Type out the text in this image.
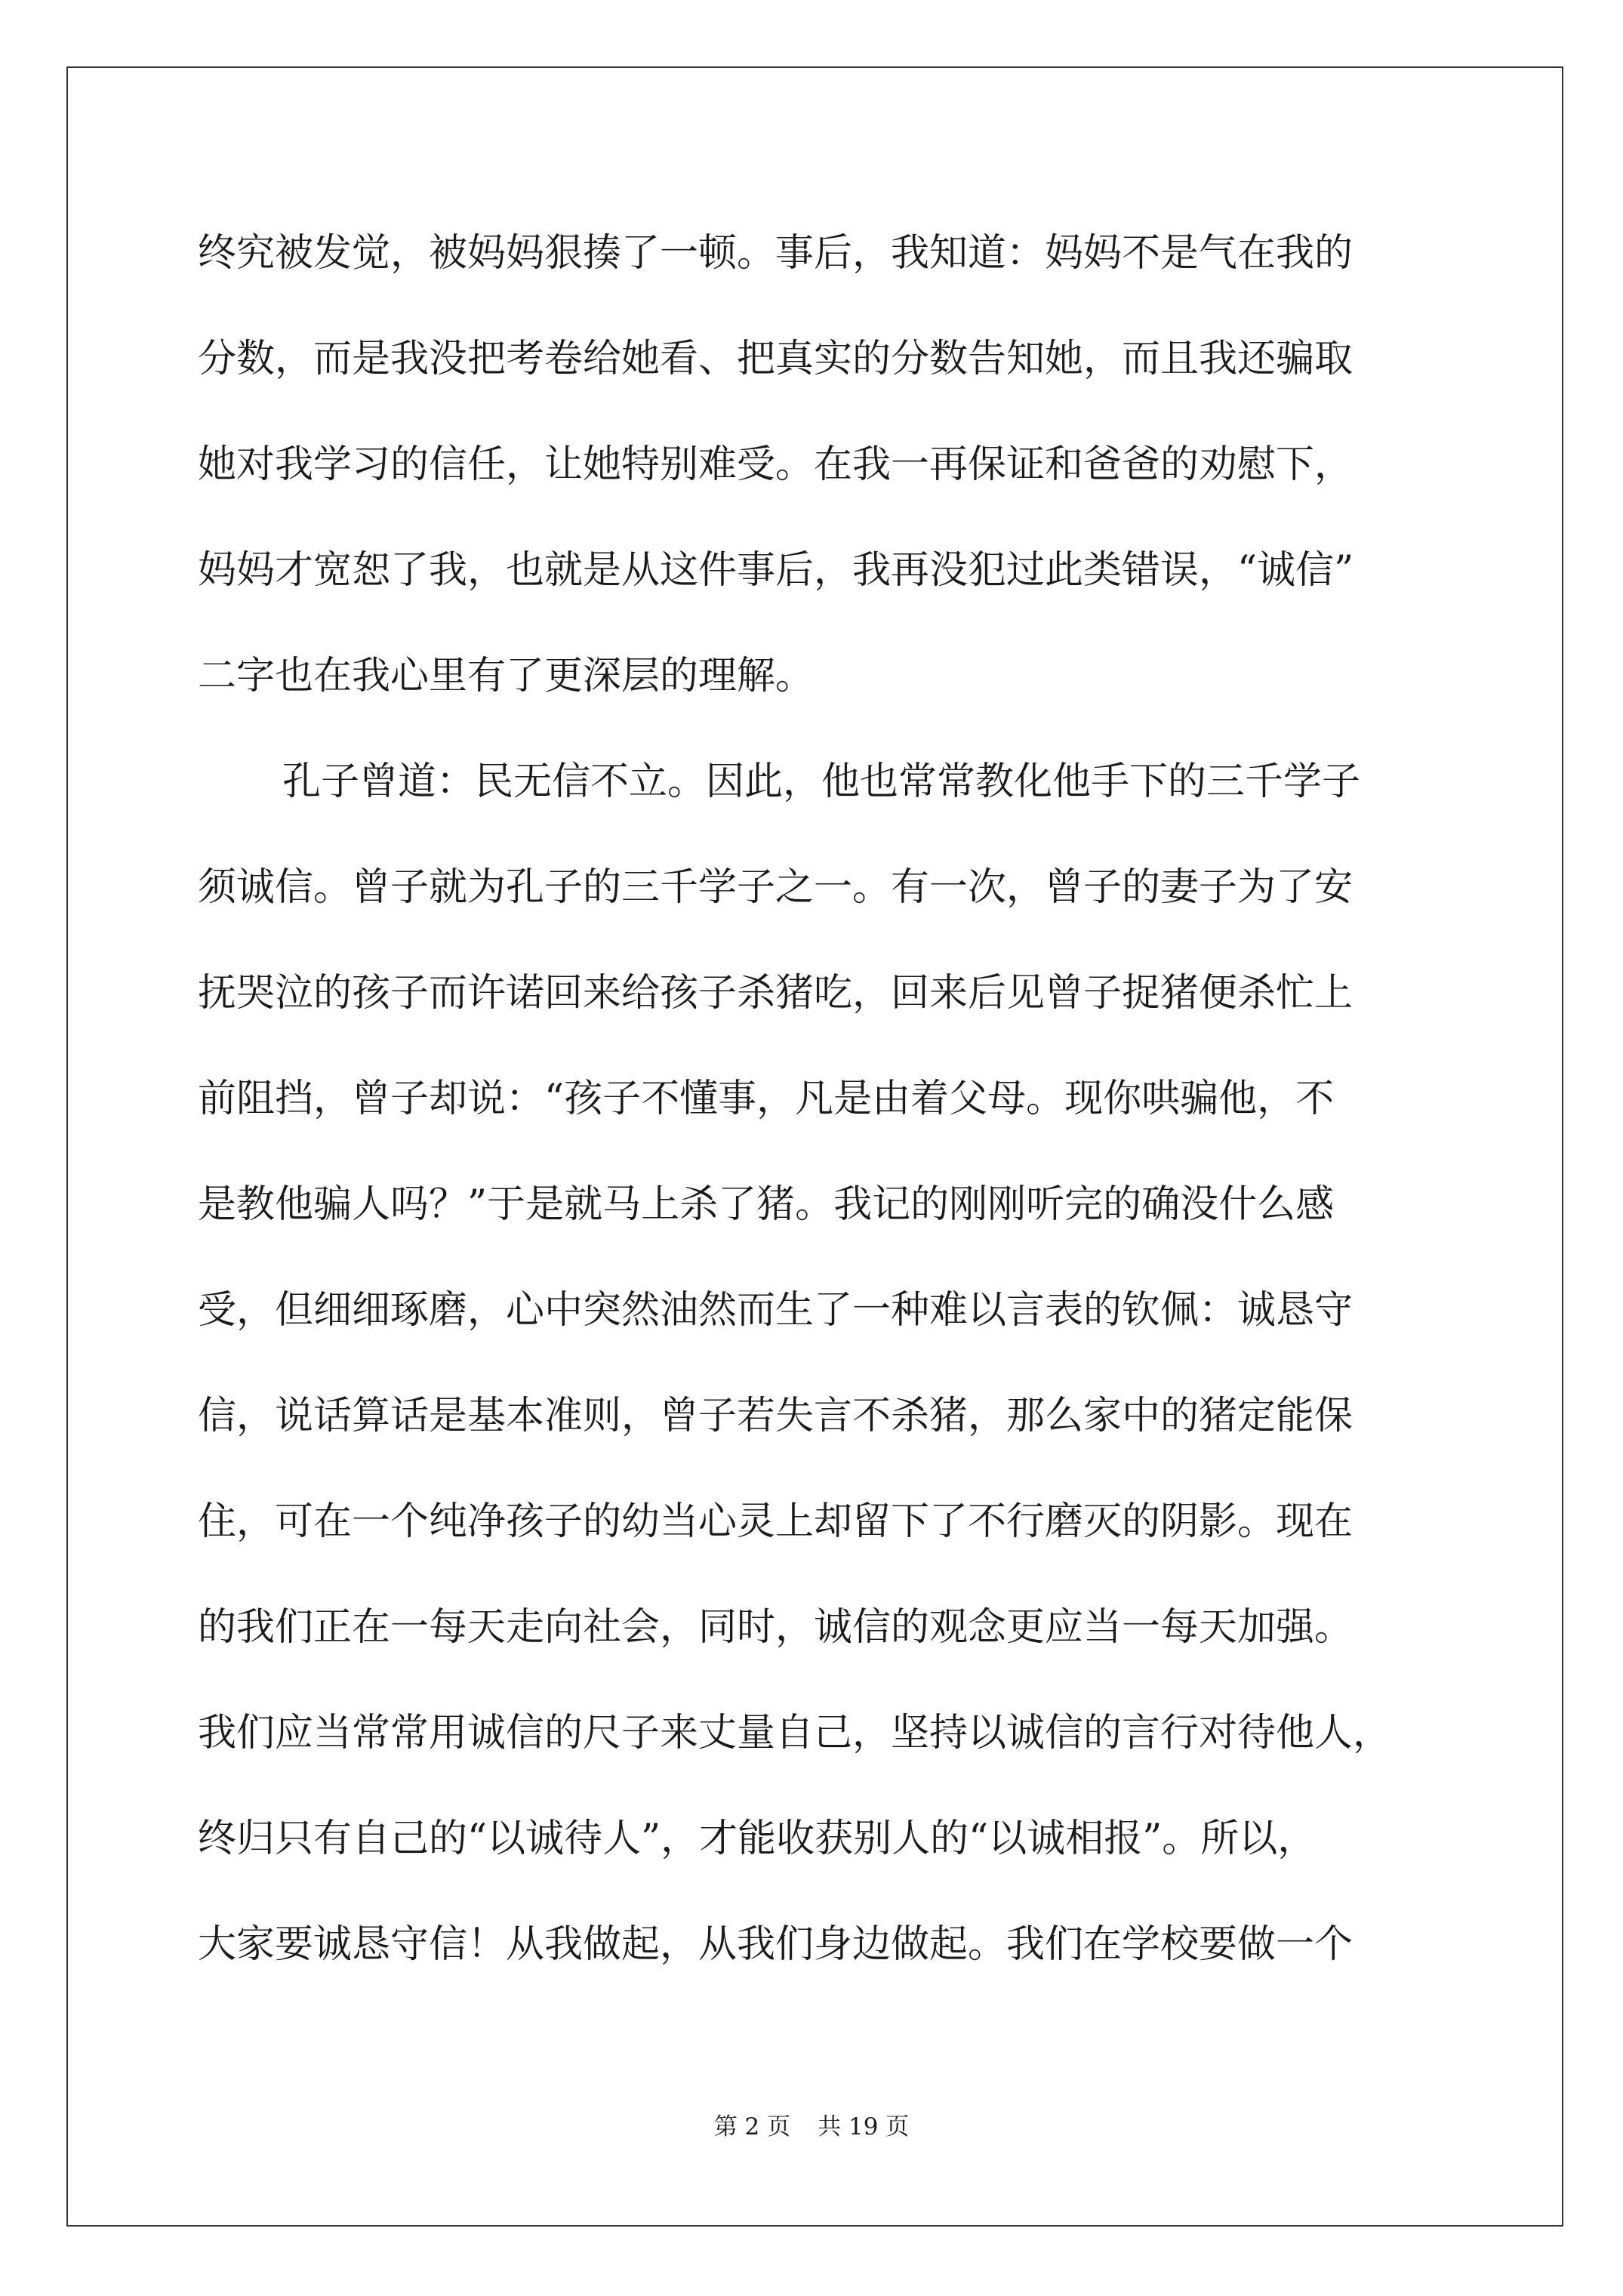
终究被发觉，被妈妈狠揍了一顿。事后，我知道：妈妈不是气在我的
分数，而是我没把考卷给她看、把真实的分数告知她，而且我还骗取
她对我学习的信任，让她特别难受。在我一再保证和爸爸的劝慰下，
妈妈才宽恕了我，也就是从这件事后，我再没犯过此类错误，“诚信”
二字也在我心里有了更深层的理解。
孔子曾道：民无信不立。因此，他也常常教化他手下的三千学子
须诚信。曾子就为孔子的三千学子之一。有一次，曾子的妻子为了安
抚哭泣的孩子而许诺回来给孩子杀猪吃，回来后见曾子捉猪便杀忙上
前阻挡，曾子却说：“孩子不懂事，凡是由着父母。现你哄骗他，不
是教他骗人吗？”于是就马上杀了猪。我记的刚刚听完的确没什么感
受，但细细琢磨，心中突然油然而生了一种难以言表的钦佩：诚恳守
信，说话算话是基本准则，曾子若失言不杀猪，那么家中的猪定能保
住，可在一个纯净孩子的幼当心灵上却留下了不行磨灭的阴影。现在
的我们正在一每天走向社会，同时，诚信的观念更应当一每天加强。
我们应当常常用诚信的尺子来丈量自己，坚持以诚信的言行对待他人，
终归只有自己的“以诚待人”，才能收获别人的“以诚相报”。所以，
大家要诚恳守信！从我做起，从我们身边做起。我们在学校要做一个
第 2 页 共 19 页
